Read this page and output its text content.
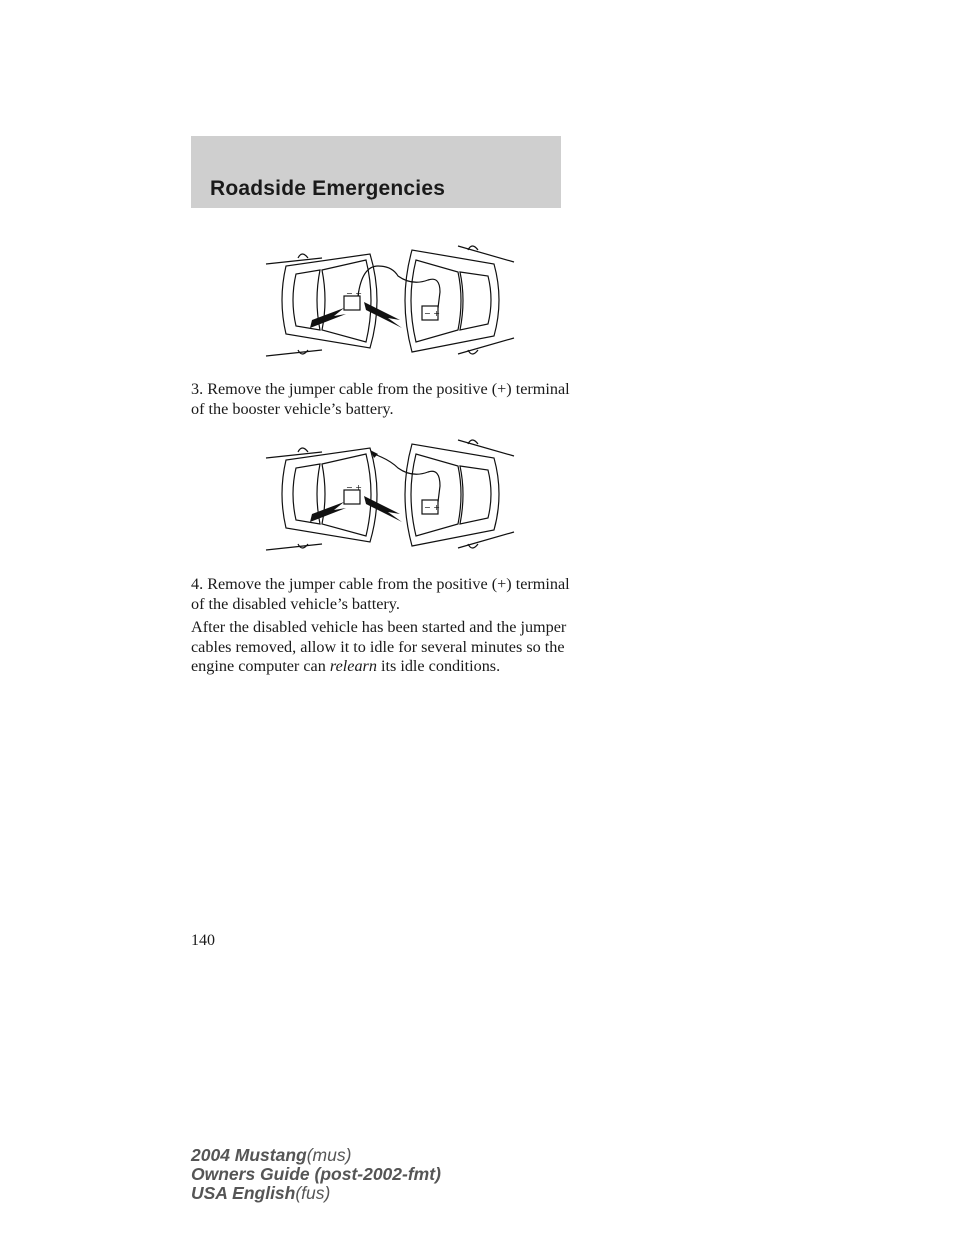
Roadside Emergencies
− +
− +
3. Remove the jumper cable from the positive (+) terminal of the booster vehicle’s battery.
− +
− +
4. Remove the jumper cable from the positive (+) terminal of the disabled vehicle’s battery.

After the disabled vehicle has been started and the jumper cables removed, allow it to idle for several minutes so the engine computer can relearn its idle conditions.

140
2004 Mustang(mus)
Owners Guide (post-2002-fmt)
USA English(fus)
